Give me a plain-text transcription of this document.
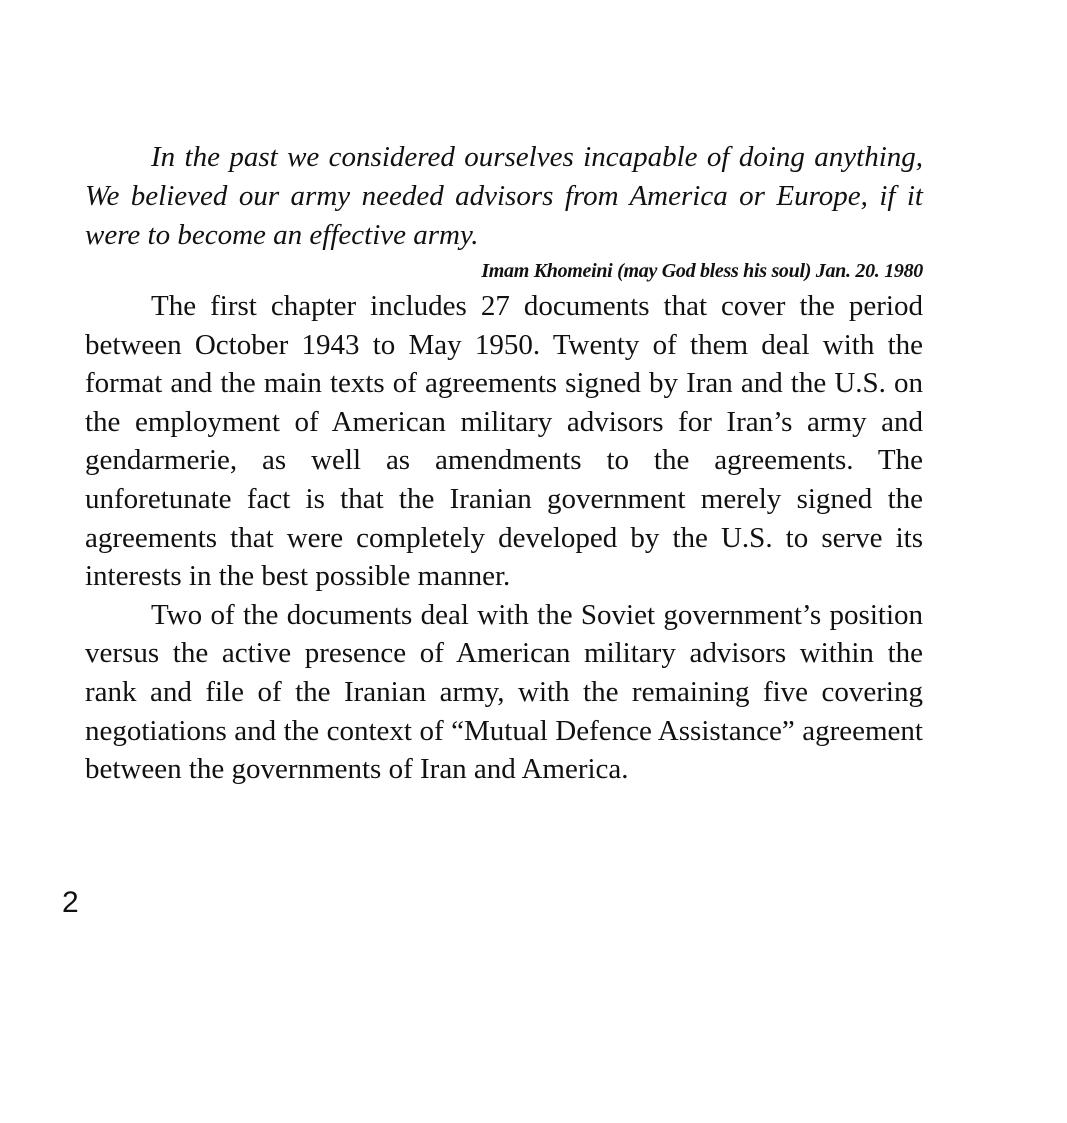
In the past we considered ourselves incapable of doing anything, We believed our army needed advisors from America or Europe, if it were to become an effective army.

Imam Khomeini (may God bless his soul) Jan. 20. 1980

The first chapter includes 27 documents that cover the period between October 1943 to May 1950. Twenty of them deal with the format and the main texts of agreements signed by Iran and the U.S. on the employment of American military advisors for Iran’s army and gendarmerie, as well as amendments to the agreements. The unforetunate fact is that the Iranian government merely signed the agreements that were completely developed by the U.S. to serve its interests in the best possible manner.

Two of the documents deal with the Soviet government’s position versus the active presence of American military advisors within the rank and file of the Iranian army, with the remaining five covering negotiations and the context of “Mutual Defence Assistance” agreement between the governments of Iran and America.

2
